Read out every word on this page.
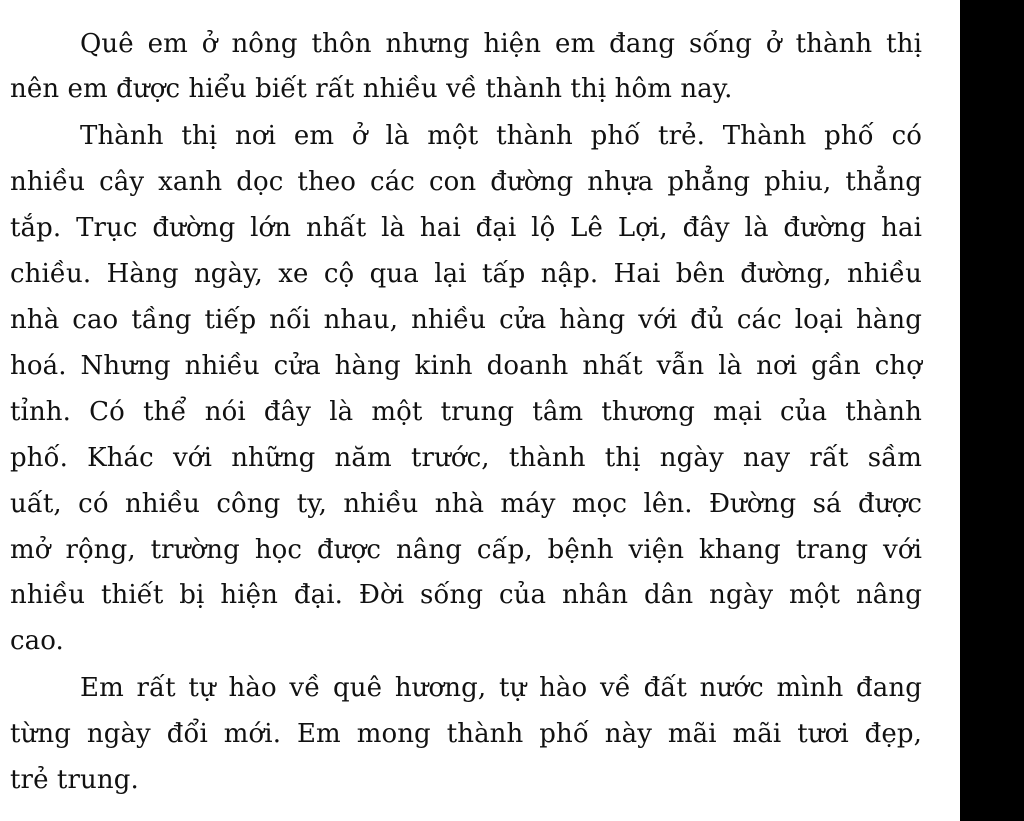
Quê em ở nông thôn nhưng hiện em đang sống ở thành thị
nên em được hiểu biết rất nhiều về thành thị hôm nay.
Thành thị nơi em ở là một thành phố trẻ. Thành phố có
nhiều cây xanh dọc theo các con đường nhựa phẳng phiu, thẳng
tắp. Trục đường lớn nhất là hai đại lộ Lê Lợi, đây là đường hai
chiều. Hàng ngày, xe cộ qua lại tấp nập. Hai bên đường, nhiều
nhà cao tầng tiếp nối nhau, nhiều cửa hàng với đủ các loại hàng
hoá. Nhưng nhiều cửa hàng kinh doanh nhất vẫn là nơi gần chợ
tỉnh. Có thể nói đây là một trung tâm thương mại của thành
phố. Khác với những năm trước, thành thị ngày nay rất sầm
uất, có nhiều công ty, nhiều nhà máy mọc lên. Đường sá được
mở rộng, trường học được nâng cấp, bệnh viện khang trang với
nhiều thiết bị hiện đại. Đời sống của nhân dân ngày một nâng
cao.
Em rất tự hào về quê hương, tự hào về đất nước mình đang
từng ngày đổi mới. Em mong thành phố này mãi mãi tươi đẹp,
trẻ trung.
